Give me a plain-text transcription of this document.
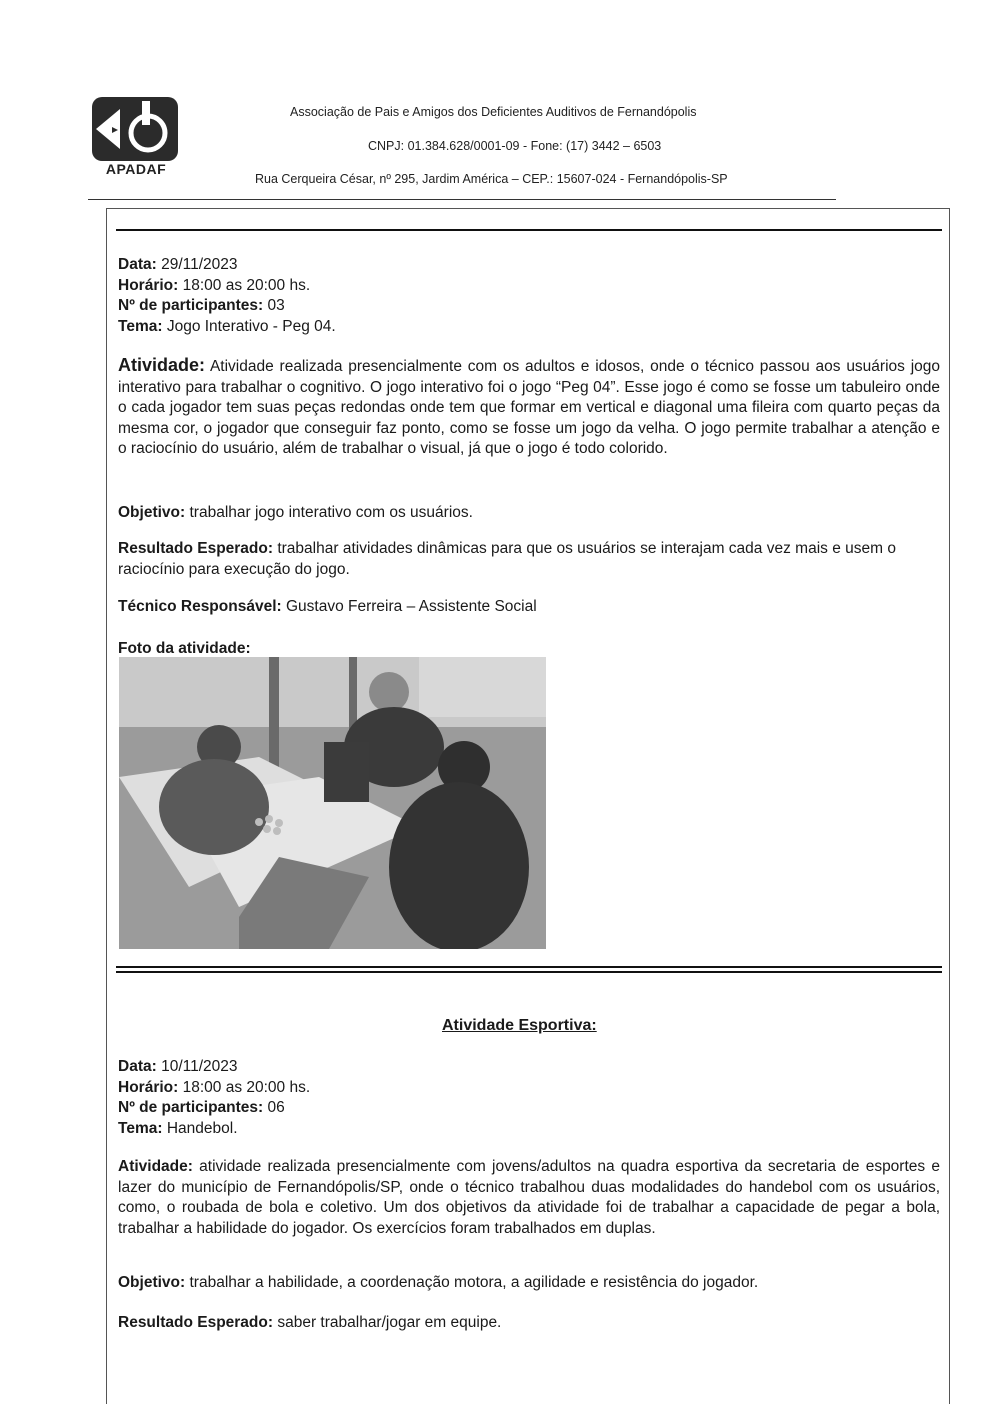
APADAF
Associação de Pais e Amigos dos Deficientes Auditivos de Fernandópolis
CNPJ: 01.384.628/0001-09 - Fone: (17) 3442 – 6503
Rua Cerqueira César, nº 295, Jardim América – CEP.: 15607-024 - Fernandópolis-SP

Data: 29/11/2023

Horário: 18:00 as 20:00 hs.

Nº de participantes: 03

Tema: Jogo Interativo - Peg 04.

Atividade: Atividade realizada presencialmente com os adultos e idosos, onde o técnico passou aos usuários jogo interativo para trabalhar o cognitivo. O jogo interativo foi o jogo “Peg 04”. Esse jogo é como se fosse um tabuleiro onde o cada jogador tem suas peças redondas onde tem que formar em vertical e diagonal uma fileira com quarto peças da mesma cor, o jogador que conseguir faz ponto, como se fosse um jogo da velha. O jogo permite trabalhar a atenção e o raciocínio do usuário, além de trabalhar o visual, já que o jogo é todo colorido.

Objetivo: trabalhar jogo interativo com os usuários.

Resultado Esperado: trabalhar atividades dinâmicas para que os usuários se interajam cada vez mais e usem o raciocínio para execução do jogo.

Técnico Responsável: Gustavo Ferreira – Assistente Social

Foto da atividade:

Atividade Esportiva:

Data: 10/11/2023

Horário: 18:00 as 20:00 hs.

Nº de participantes: 06

Tema: Handebol.

Atividade: atividade realizada presencialmente com jovens/adultos na quadra esportiva da secretaria de esportes e lazer do município de Fernandópolis/SP, onde o técnico trabalhou duas modalidades do handebol com os usuários, como, o roubada de bola e coletivo. Um dos objetivos da atividade foi de trabalhar a capacidade de pegar a bola, trabalhar a habilidade do jogador. Os exercícios foram trabalhados em duplas.

Objetivo: trabalhar a habilidade, a coordenação motora, a agilidade e resistência do jogador.

Resultado Esperado: saber trabalhar/jogar em equipe.
